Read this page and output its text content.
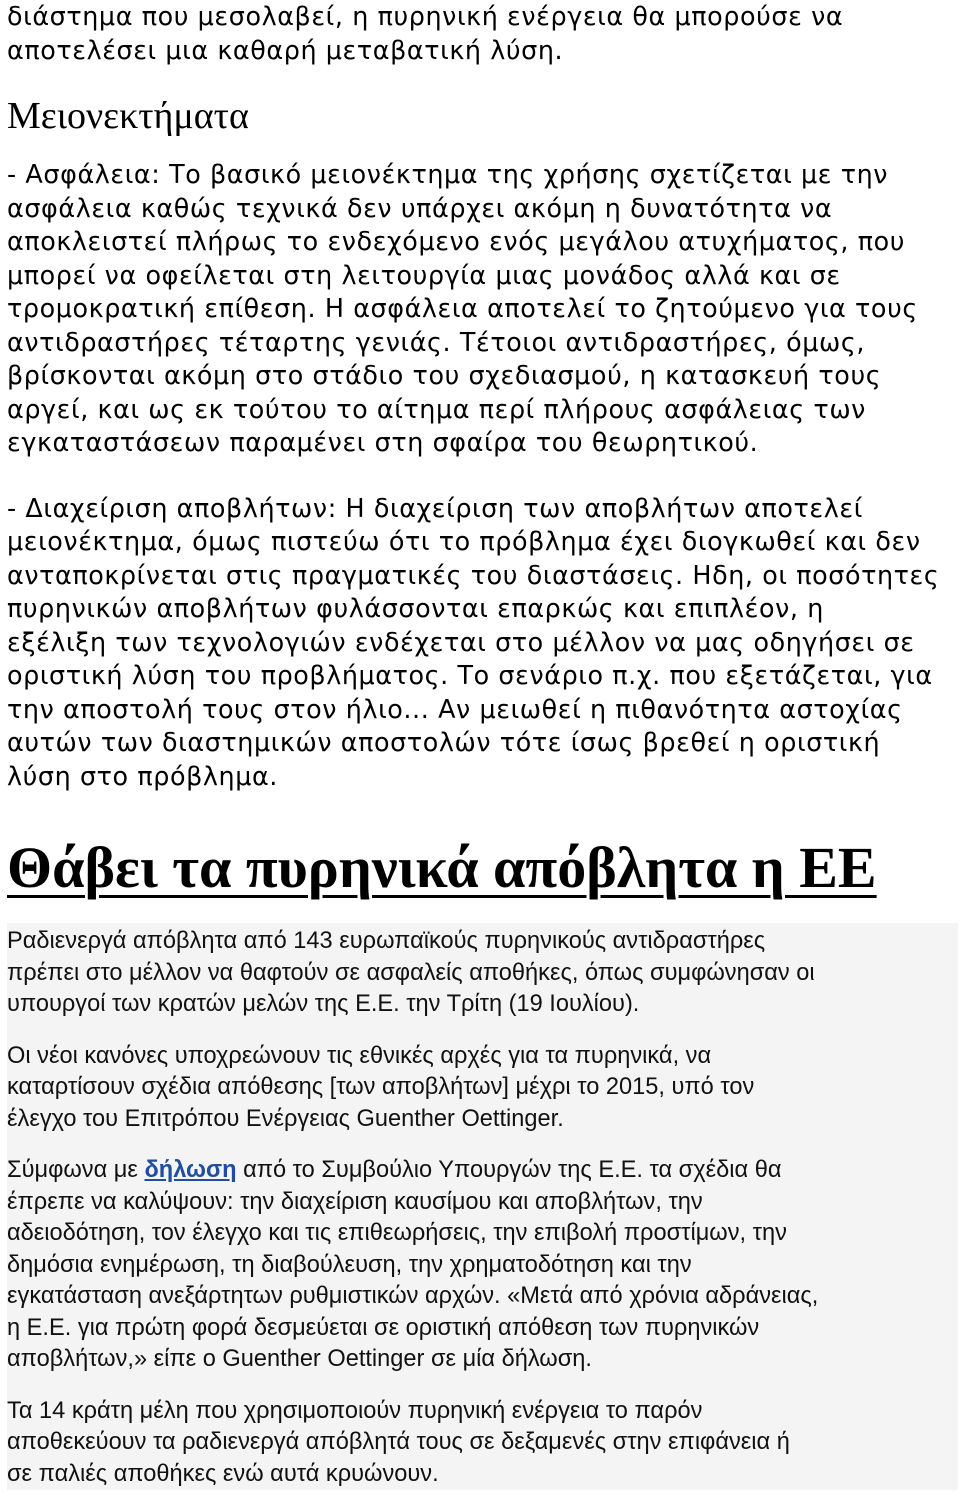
διάστημα που μεσολαβεί, η πυρηνική ενέργεια θα μπορούσε να

αποτελέσει μια καθαρή μεταβατική λύση.

Μειονεκτήματα

- Ασφάλεια: Το βασικό μειονέκτημα της χρήσης σχετίζεται με την

ασφάλεια καθώς τεχνικά δεν υπάρχει ακόμη η δυνατότητα να

αποκλειστεί πλήρως το ενδεχόμενο ενός μεγάλου ατυχήματος, που

μπορεί να οφείλεται στη λειτουργία μιας μονάδος αλλά και σε

τρομοκρατική επίθεση. Η ασφάλεια αποτελεί το ζητούμενο για τους

αντιδραστήρες τέταρτης γενιάς. Τέτοιοι αντιδραστήρες, όμως,

βρίσκονται ακόμη στο στάδιο του σχεδιασμού, η κατασκευή τους

αργεί, και ως εκ τούτου το αίτημα περί πλήρους ασφάλειας των

εγκαταστάσεων παραμένει στη σφαίρα του θεωρητικού.

- Διαχείριση αποβλήτων: Η διαχείριση των αποβλήτων αποτελεί

μειονέκτημα, όμως πιστεύω ότι το πρόβλημα έχει διογκωθεί και δεν

ανταποκρίνεται στις πραγματικές του διαστάσεις. Ηδη, οι ποσότητες

πυρηνικών αποβλήτων φυλάσσονται επαρκώς και επιπλέον, η

εξέλιξη των τεχνολογιών ενδέχεται στο μέλλον να μας οδηγήσει σε

οριστική λύση του προβλήματος. Το σενάριο π.χ. που εξετάζεται, για

την αποστολή τους στον ήλιο... Αν μειωθεί η πιθανότητα αστοχίας

αυτών των διαστημικών αποστολών τότε ίσως βρεθεί η οριστική

λύση στο πρόβλημα.

Θάβει τα πυρηνικά απόβλητα η ΕΕ

Ραδιενεργά απόβλητα από 143 ευρωπαϊκούς πυρηνικούς αντιδραστήρες

πρέπει στο μέλλον να θαφτούν σε ασφαλείς αποθήκες, όπως συμφώνησαν οι

υπουργοί των κρατών μελών της Ε.Ε. την Τρίτη (19 Ιουλίου).

Οι νέοι κανόνες υποχρεώνουν τις εθνικές αρχές για τα πυρηνικά, να

καταρτίσουν σχέδια απόθεσης [των αποβλήτων] μέχρι το 2015, υπό τον

έλεγχο του Επιτρόπου Ενέργειας Guenther Oettinger.

Σύμφωνα με δήλωση από το Συμβούλιο Υπουργών της Ε.Ε. τα σχέδια θα

έπρεπε να καλύψουν: την διαχείριση καυσίμου και αποβλήτων, την

αδειοδότηση, τον έλεγχο και τις επιθεωρήσεις, την επιβολή προστίμων, την

δημόσια ενημέρωση, τη διαβούλευση, την χρηματοδότηση και την

εγκατάσταση ανεξάρτητων ρυθμιστικών αρχών. «Μετά από χρόνια αδράνειας,

η Ε.Ε. για πρώτη φορά δεσμεύεται σε οριστική απόθεση των πυρηνικών

αποβλήτων,» είπε ο Guenther Oettinger σε μία δήλωση.

Τα 14 κράτη μέλη που χρησιμοποιούν πυρηνική ενέργεια το παρόν

αποθεκεύουν τα ραδιενεργά απόβλητά τους σε δεξαμενές στην επιφάνεια ή

σε παλιές αποθήκες ενώ αυτά κρυώνουν.
